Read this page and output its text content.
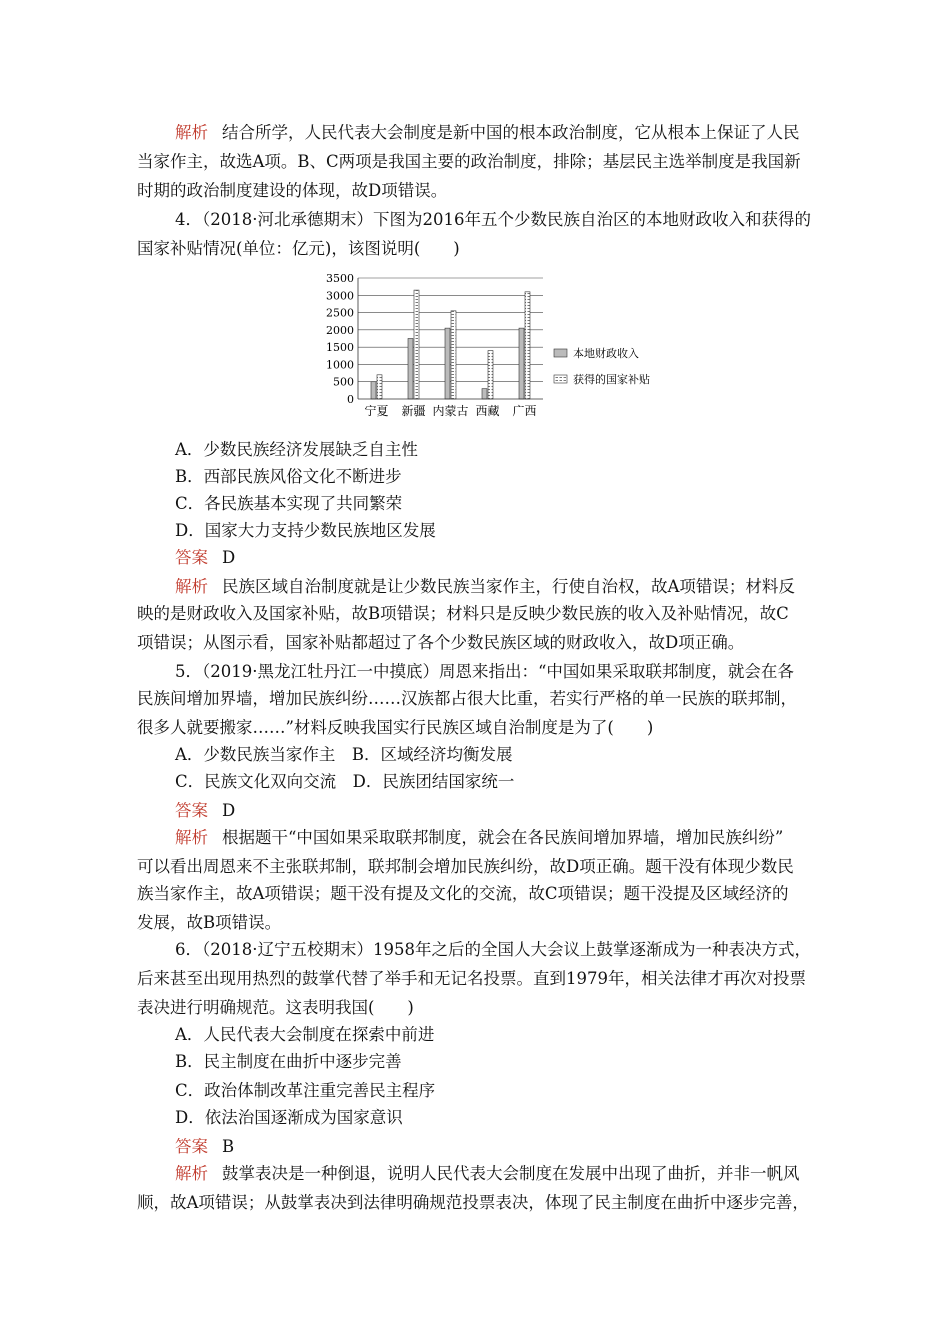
解析 结合所学，人民代表大会制度是新中国的根本政治制度，它从根本上保证了人民
当家作主，故选A项。B、C两项是我国主要的政治制度，排除；基层民主选举制度是我国新
时期的政治制度建设的体现，故D项错误。
4．（2018·河北承德期末）下图为2016年五个少数民族自治区的本地财政收入和获得的
国家补贴情况(单位：亿元)，该图说明(　　)
3500
3000
2500
2000
1500
1000
500
0
宁夏 新疆 内蒙古 西藏 广西
本地财政收入
获得的国家补贴
A．少数民族经济发展缺乏自主性
B．西部民族风俗文化不断进步
C．各民族基本实现了共同繁荣
D．国家大力支持少数民族地区发展
答案 D
解析 民族区域自治制度就是让少数民族当家作主，行使自治权，故A项错误；材料反
映的是财政收入及国家补贴，故B项错误；材料只是反映少数民族的收入及补贴情况，故C
项错误；从图示看，国家补贴都超过了各个少数民族区域的财政收入，故D项正确。
5．（2019·黑龙江牡丹江一中摸底）周恩来指出：“中国如果采取联邦制度，就会在各
民族间增加界墙，增加民族纠纷……汉族都占很大比重，若实行严格的单一民族的联邦制，
很多人就要搬家……”材料反映我国实行民族区域自治制度是为了(　　)
A．少数民族当家作主　B．区域经济均衡发展
C．民族文化双向交流　D．民族团结国家统一
答案 D
解析 根据题干“中国如果采取联邦制度，就会在各民族间增加界墙，增加民族纠纷”
可以看出周恩来不主张联邦制，联邦制会增加民族纠纷，故D项正确。题干没有体现少数民
族当家作主，故A项错误；题干没有提及文化的交流，故C项错误；题干没提及区域经济的
发展，故B项错误。
6．（2018·辽宁五校期末）1958年之后的全国人大会议上鼓掌逐渐成为一种表决方式，
后来甚至出现用热烈的鼓掌代替了举手和无记名投票。直到1979年，相关法律才再次对投票
表决进行明确规范。这表明我国(　　)
A．人民代表大会制度在探索中前进
B．民主制度在曲折中逐步完善
C．政治体制改革注重完善民主程序
D．依法治国逐渐成为国家意识
答案 B
解析 鼓掌表决是一种倒退，说明人民代表大会制度在发展中出现了曲折，并非一帆风
顺，故A项错误；从鼓掌表决到法律明确规范投票表决，体现了民主制度在曲折中逐步完善，
